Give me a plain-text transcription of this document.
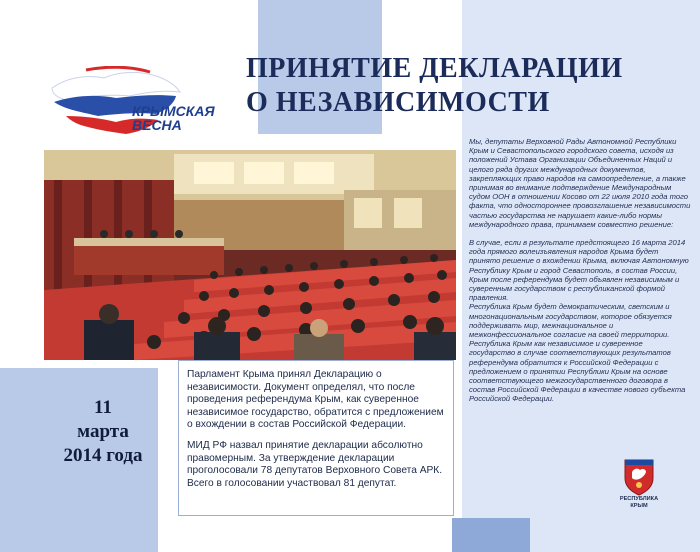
КРЫМСКАЯ
ВЕСНА
ПРИНЯТИЕ ДЕКЛАРАЦИИ
О НЕЗАВИСИМОСТИ

Парламент Крыма принял Декларацию о независимости. Документ определял, что после проведения референдума Крым, как суверенное независимое государство, обратится с предложением о вхождении в состав Российской Федерации.

МИД РФ назвал принятие декларации абсолютно правомерным. За утверждение декларации проголосовали 78 депутатов Верховного Совета АРК. Всего в голосовании участвовал 81 депутат.

11
марта
2014 года

Мы, депутаты Верховной Рады Автономной Республики Крым и Севастопольского городского совета, исходя из положений Устава Организации Объединенных Наций и целого ряда других международных документов, закрепляющих право народов на самоопределение, а также принимая во внимание подтверждение Международным судом ООН в отношении Косово от 22 июля 2010 года того факта, что одностороннее провозглашение независимости частью государства не нарушает какие-либо нормы международного права, принимаем совместно решение:

В случае, если в результате предстоящего 16 марта 2014 года прямого волеизъявления народов Крыма будет принято решение о вхождении Крыма, включая Автономную Республику Крым и город Севастополь, в состав России, Крым после референдума будет объявлен независимым и суверенным государством с республиканской формой правления.

Республика Крым будет демократическим, светским и многонациональным государством, которое обязуется поддерживать мир, межнациональное и межконфессиональное согласие на своей территории.

Республика Крым как независимое и суверенное государство в случае соответствующих результатов референдума обратится к Российской Федерации с предложением о принятии Республики Крым на основе соответствующего межгосударственного договора в состав Российской Федерации в качестве нового субъекта Российской Федерации.

РЕСПУБЛИКА
КРЫМ
